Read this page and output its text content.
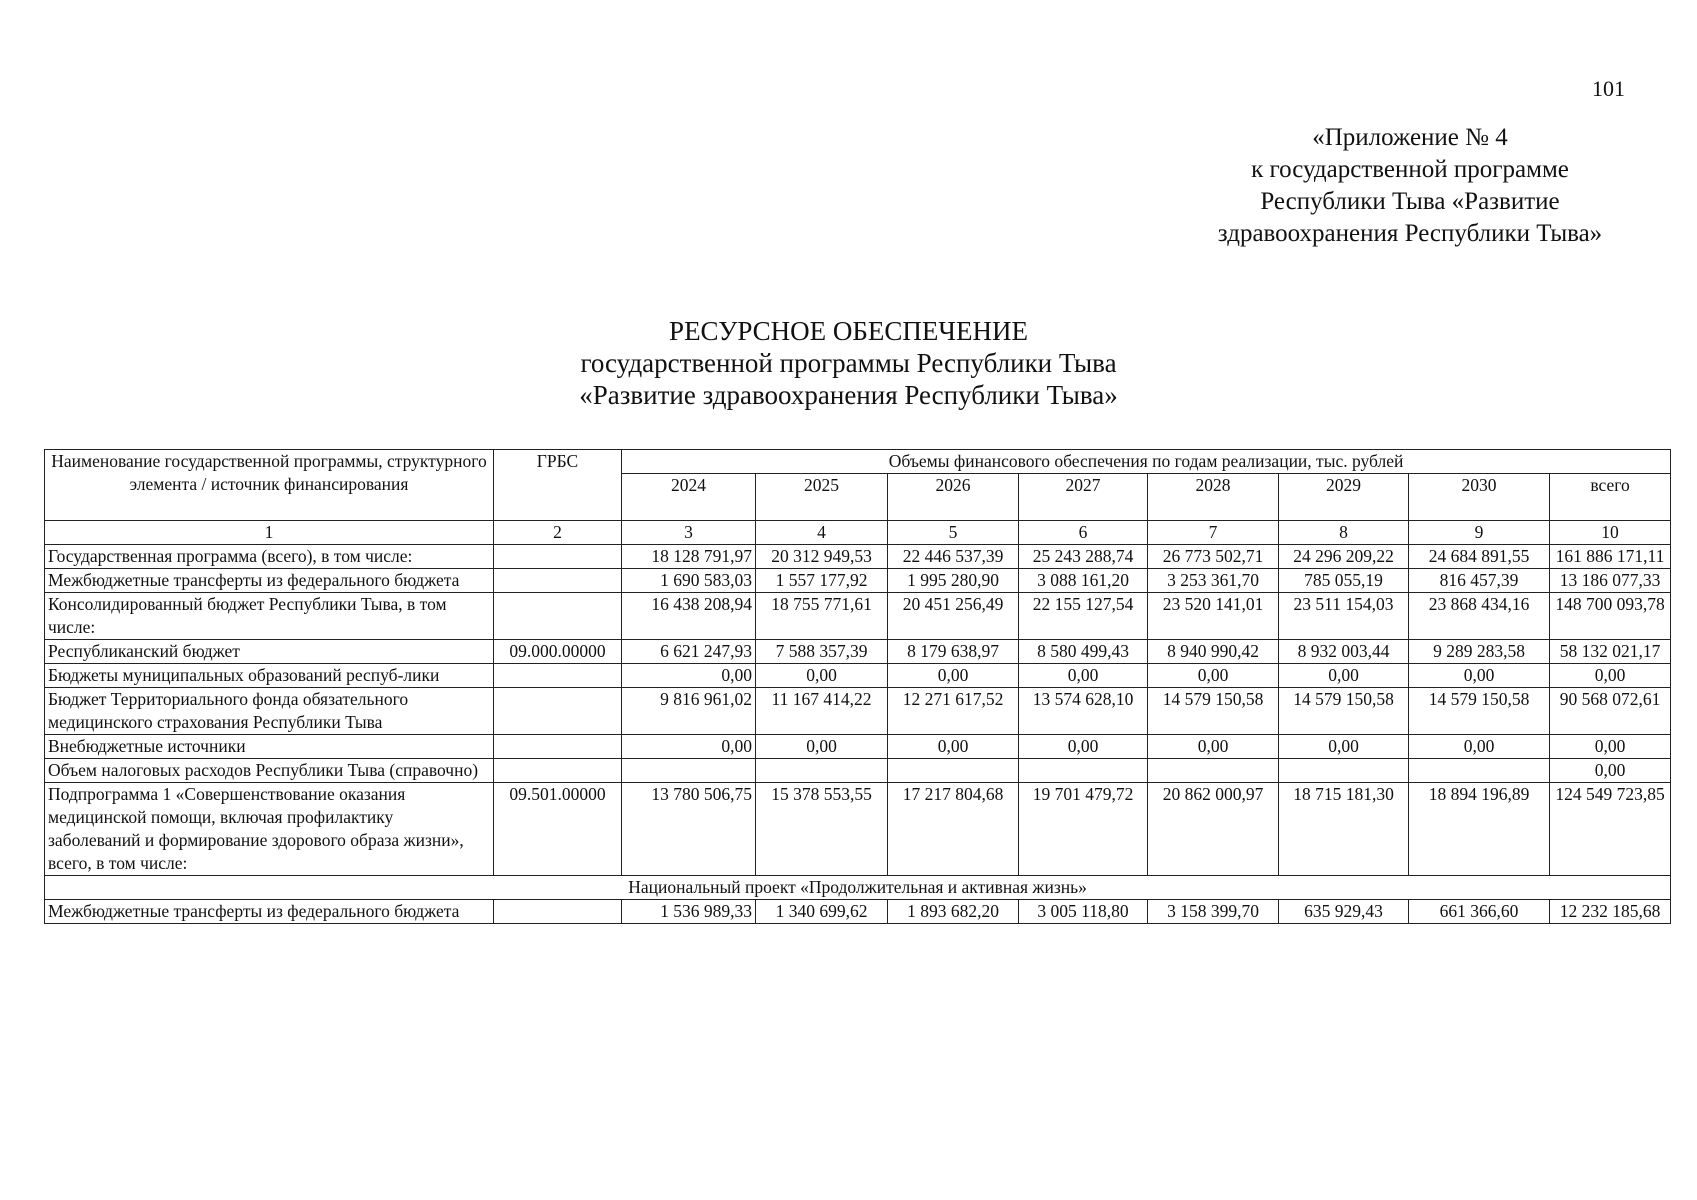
101
«Приложение № 4
к государственной программе
Республики Тыва «Развитие
здравоохранения Республики Тыва»
РЕСУРСНОЕ ОБЕСПЕЧЕНИЕ
государственной программы Республики Тыва
«Развитие здравоохранения Республики Тыва»
Наименование государственной программы, структурного элемента / источник финансирования	ГРБС	Объемы финансового обеспечения по годам реализации, тыс. рублей							
		2024	2025	2026	2027	2028	2029	2030	всего
1	2	3	4	5	6	7	8	9	10
Государственная программа (всего), в том числе:		18 128 791,97	20 312 949,53	22 446 537,39	25 243 288,74	26 773 502,71	24 296 209,22	24 684 891,55	161 886 171,11
Межбюджетные трансферты из федерального бюджета		1 690 583,03	1 557 177,92	1 995 280,90	3 088 161,20	3 253 361,70	785 055,19	816 457,39	13 186 077,33
Консолидированный бюджет Республики Тыва, в том числе:		16 438 208,94	18 755 771,61	20 451 256,49	22 155 127,54	23 520 141,01	23 511 154,03	23 868 434,16	148 700 093,78
Республиканский бюджет	09.000.00000	6 621 247,93	7 588 357,39	8 179 638,97	8 580 499,43	8 940 990,42	8 932 003,44	9 289 283,58	58 132 021,17
Бюджеты муниципальных образований респуб-лики		0,00	0,00	0,00	0,00	0,00	0,00	0,00	0,00
Бюджет Территориального фонда обязательного медицинского страхования Республики Тыва		9 816 961,02	11 167 414,22	12 271 617,52	13 574 628,10	14 579 150,58	14 579 150,58	14 579 150,58	90 568 072,61
Внебюджетные источники		0,00	0,00	0,00	0,00	0,00	0,00	0,00	0,00
Объем налоговых расходов Республики Тыва (справочно)									0,00
Подпрограмма 1 «Совершенствование оказания медицинской помощи, включая профилактику заболеваний и формирование здорового образа жизни», всего, в том числе:	09.501.00000	13 780 506,75	15 378 553,55	17 217 804,68	19 701 479,72	20 862 000,97	18 715 181,30	18 894 196,89	124 549 723,85
Национальный проект «Продолжительная и активная жизнь»									
Межбюджетные трансферты из федерального бюджета		1 536 989,33	1 340 699,62	1 893 682,20	3 005 118,80	3 158 399,70	635 929,43	661 366,60	12 232 185,68
